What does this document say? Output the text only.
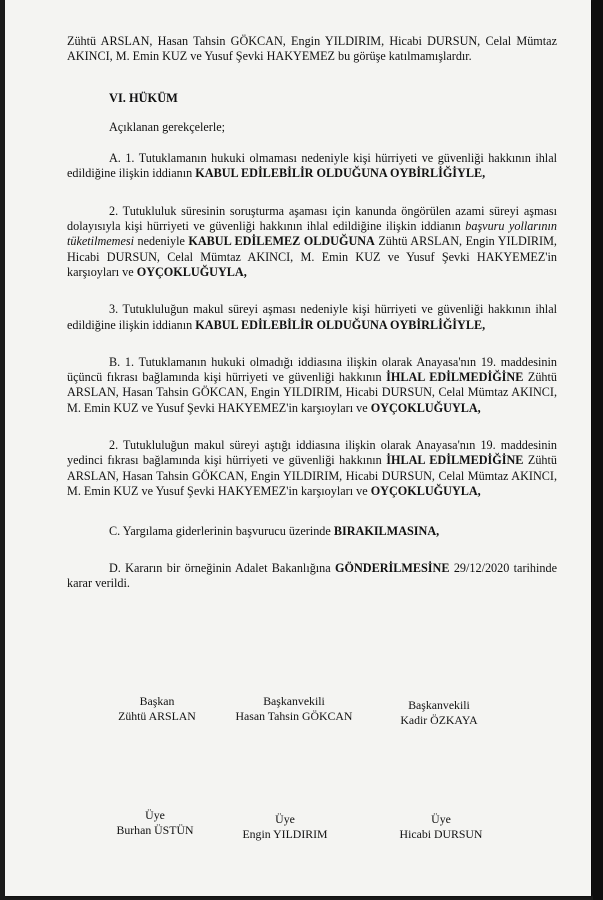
Zühtü ARSLAN, Hasan Tahsin GÖKCAN, Engin YILDIRIM, Hicabi DURSUN, Celal Mümtaz AKINCI, M. Emin KUZ ve Yusuf Şevki HAKYEMEZ bu görüşe katılmamışlardır.

VI. HÜKÜM

Açıklanan gerekçelerle;

A. 1. Tutuklamanın hukuki olmaması nedeniyle kişi hürriyeti ve güvenliği hakkının ihlal edildiğine ilişkin iddianın KABUL EDİLEBİLİR OLDUĞUNA OYBİRLİĞİYLE,

2. Tutukluluk süresinin soruşturma aşaması için kanunda öngörülen azami süreyi aşması dolayısıyla kişi hürriyeti ve güvenliği hakkının ihlal edildiğine ilişkin iddianın başvuru yollarının tüketilmemesi nedeniyle KABUL EDİLEMEZ OLDUĞUNA Zühtü ARSLAN, Engin YILDIRIM, Hicabi DURSUN, Celal Mümtaz AKINCI, M. Emin KUZ ve Yusuf Şevki HAKYEMEZ'in karşıoyları ve OYÇOKLUĞUYLA,

3. Tutukluluğun makul süreyi aşması nedeniyle kişi hürriyeti ve güvenliği hakkının ihlal edildiğine ilişkin iddianın KABUL EDİLEBİLİR OLDUĞUNA OYBİRLİĞİYLE,

B. 1. Tutuklamanın hukuki olmadığı iddiasına ilişkin olarak Anayasa'nın 19. maddesinin üçüncü fıkrası bağlamında kişi hürriyeti ve güvenliği hakkının İHLAL EDİLMEDİĞİNE Zühtü ARSLAN, Hasan Tahsin GÖKCAN, Engin YILDIRIM, Hicabi DURSUN, Celal Mümtaz AKINCI, M. Emin KUZ ve Yusuf Şevki HAKYEMEZ'in karşıoyları ve OYÇOKLUĞUYLA,

2. Tutukluluğun makul süreyi aştığı iddiasına ilişkin olarak Anayasa'nın 19. maddesinin yedinci fıkrası bağlamında kişi hürriyeti ve güvenliği hakkının İHLAL EDİLMEDİĞİNE Zühtü ARSLAN, Hasan Tahsin GÖKCAN, Engin YILDIRIM, Hicabi DURSUN, Celal Mümtaz AKINCI, M. Emin KUZ ve Yusuf Şevki HAKYEMEZ'in karşıoyları ve OYÇOKLUĞUYLA,

C. Yargılama giderlerinin başvurucu üzerinde BIRAKILMASINA,

D. Kararın bir örneğinin Adalet Bakanlığına GÖNDERİLMESİNE 29/12/2020 tarihinde karar verildi.

Başkan
Zühtü ARSLAN
Başkanvekili
Hasan Tahsin GÖKCAN
Başkanvekili
Kadir ÖZKAYA
Üye
Burhan ÜSTÜN
Üye
Engin YILDIRIM
Üye
Hicabi DURSUN
